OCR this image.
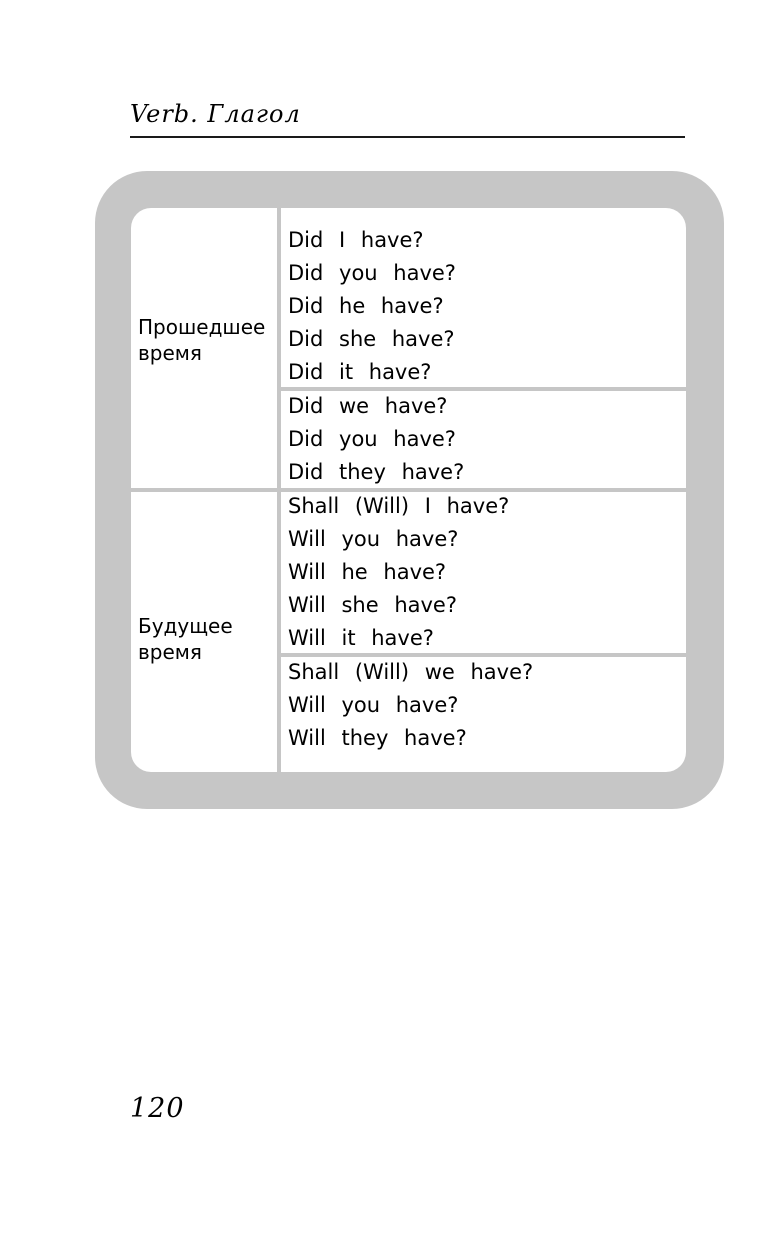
Verb. Глагол
Прошедшее
время
Did I have?
Did you have?
Did he have?
Did she have?
Did it have?
Did we have?
Did you have?
Did they have?
Будущее
время
Shall (Will) I have?
Will you have?
Will he have?
Will she have?
Will it have?
Shall (Will) we have?
Will you have?
Will they have?
120
